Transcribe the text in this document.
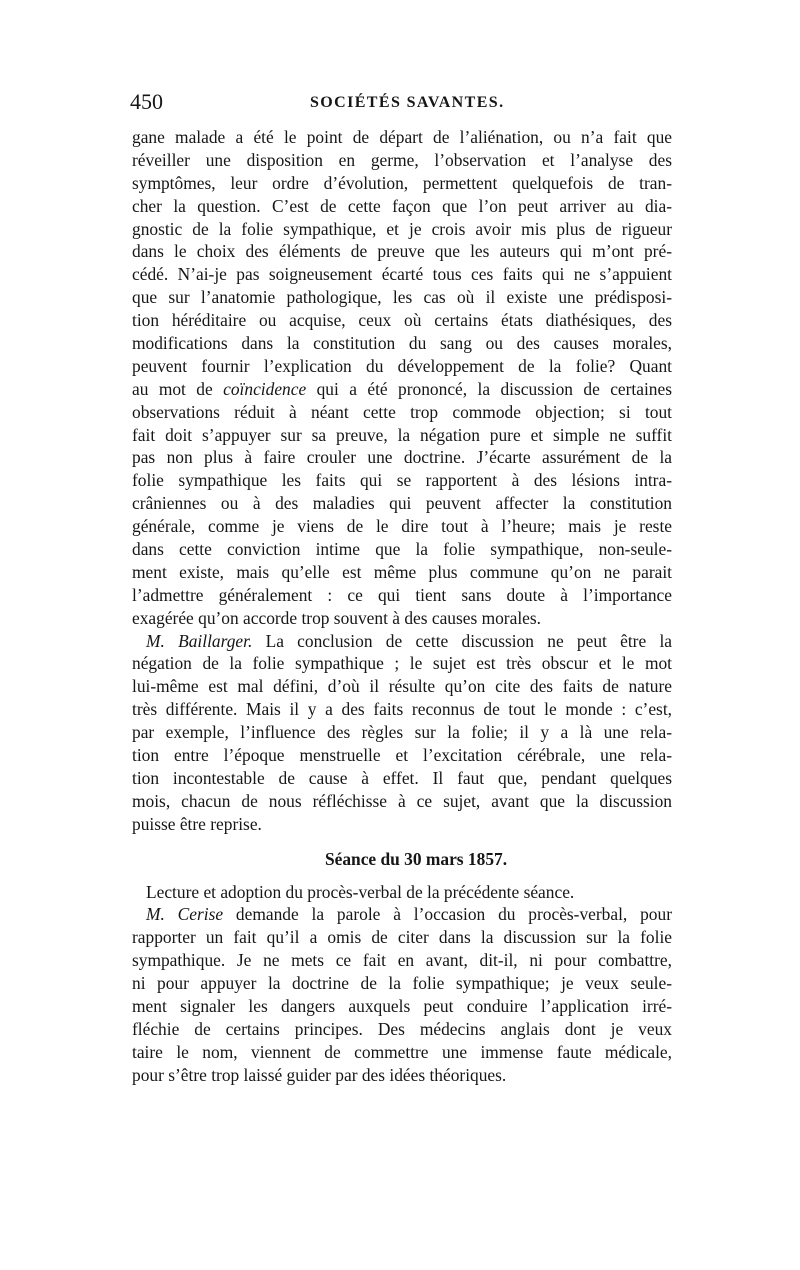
450	SOCIÉTÉS SAVANTES.
gane malade a été le point de départ de l’aliénation, ou n’a fait que
réveiller une disposition en germe, l’observation et l’analyse des
symptômes, leur ordre d’évolution, permettent quelquefois de tran-
cher la question. C’est de cette façon que l’on peut arriver au dia-
gnostic de la folie sympathique, et je crois avoir mis plus de rigueur
dans le choix des éléments de preuve que les auteurs qui m’ont pré-
cédé. N’ai-je pas soigneusement écarté tous ces faits qui ne s’appuient
que sur l’anatomie pathologique, les cas où il existe une prédisposi-
tion héréditaire ou acquise, ceux où certains états diathésiques, des
modifications dans la constitution du sang ou des causes morales,
peuvent fournir l’explication du développement de la folie? Quant
au mot de coïncidence qui a été prononcé, la discussion de certaines
observations réduit à néant cette trop commode objection; si tout
fait doit s’appuyer sur sa preuve, la négation pure et simple ne suffit
pas non plus à faire crouler une doctrine. J’écarte assurément de la
folie sympathique les faits qui se rapportent à des lésions intra-
crâniennes ou à des maladies qui peuvent affecter la constitution
générale, comme je viens de le dire tout à l’heure; mais je reste
dans cette conviction intime que la folie sympathique, non-seule-
ment existe, mais qu’elle est même plus commune qu’on ne parait
l’admettre généralement : ce qui tient sans doute à l’importance
exagérée qu’on accorde trop souvent à des causes morales.
M. Baillarger. La conclusion de cette discussion ne peut être la
négation de la folie sympathique ; le sujet est très obscur et le mot
lui-même est mal défini, d’où il résulte qu’on cite des faits de nature
très différente. Mais il y a des faits reconnus de tout le monde : c’est,
par exemple, l’influence des règles sur la folie; il y a là une rela-
tion entre l’époque menstruelle et l’excitation cérébrale, une rela-
tion incontestable de cause à effet. Il faut que, pendant quelques
mois, chacun de nous réfléchisse à ce sujet, avant que la discussion
puisse être reprise.
Séance du 30 mars 1857.
Lecture et adoption du procès-verbal de la précédente séance.
M. Cerise demande la parole à l’occasion du procès-verbal, pour
rapporter un fait qu’il a omis de citer dans la discussion sur la folie
sympathique. Je ne mets ce fait en avant, dit-il, ni pour combattre,
ni pour appuyer la doctrine de la folie sympathique; je veux seule-
ment signaler les dangers auxquels peut conduire l’application irré-
fléchie de certains principes. Des médecins anglais dont je veux
taire le nom, viennent de commettre une immense faute médicale,
pour s’être trop laissé guider par des idées théoriques.
